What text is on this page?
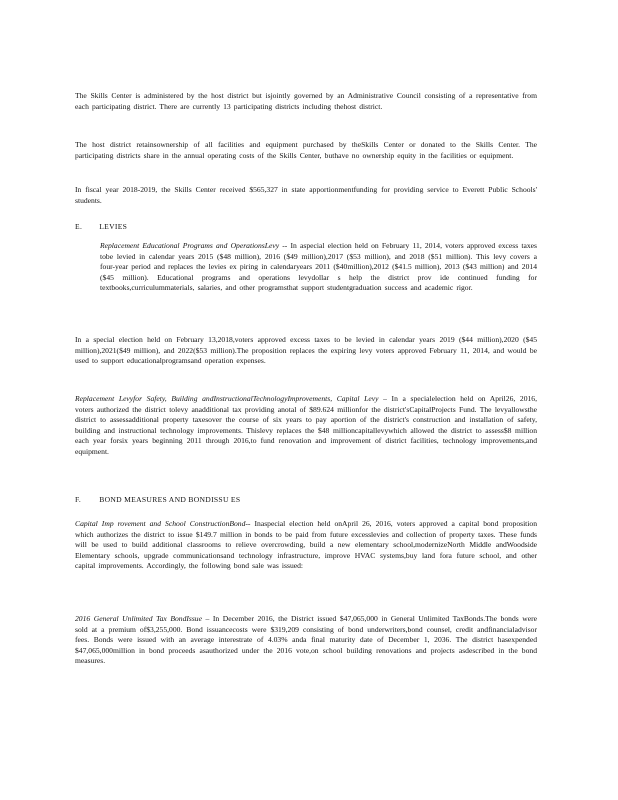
The Skills Center is administered by the host district but isjointly governed by an Administrative Council consisting of a representative from each participating district. There are currently 13 participating districts including thehost district.

The host district retainsownership of all facilities and equipment purchased by theSkills Center or donated to the Skills Center. The participating districts share in the annual operating costs of the Skills Center, buthave no ownership equity in the facilities or equipment.

In fiscal year 2018-2019, the Skills Center received $565,327 in state apportionmentfunding for providing service to Everett Public Schools' students.

E. LEVIES

Replacement Educational Programs and OperationsLevy -- In aspecial election held on February 11, 2014, voters approved excess taxes tobe levied in calendar years 2015 ($48 million), 2016 ($49 million),2017 ($53 million), and 2018 ($51 million). This levy covers a four-year period and replaces the levies ex piring in calendaryears 2011 ($40million),2012 ($41.5 million), 2013 ($43 million) and 2014 ($45 million). Educational programs and operations levydollar s help the district prov ide continued funding for textbooks,curriculummaterials, salaries, and other programsthat support studentgraduation success and academic rigor.

In a special election held on February 13,2018,voters approved excess taxes to be levied in calendar years 2019 ($44 million),2020 ($45 million),2021($49 million), and 2022($53 million).The proposition replaces the expiring levy voters approved February 11, 2014, and would be used to support educationalprogramsand operation expenses.

Replacement Levyfor Safety, Building andInstructionalTechnologyImprovements, Capital Levy – In a specialelection held on April26, 2016, voters authorized the district tolevy anadditional tax providing anotal of $89.624 millionfor the district'sCapitalProjects Fund. The levyallowsthe district to assessadditional property taxesover the course of six years to pay aportion of the district's construction and installation of safety, building and instructional technology improvements. Thislevy replaces the $48 millioncapitallevywhich allowed the district to assess$8 million each year forsix years beginning 2011 through 2016,to fund renovation and improvement of district facilities, technology improvements,and equipment.

F. BOND MEASURES AND BONDISSU ES

Capital Imp rovement and School ConstructionBond-- Inaspecial election held onApril 26, 2016, voters approved a capital bond proposition which authorizes the district to issue $149.7 million in bonds to be paid from future excesslevies and collection of property taxes. These funds will be used to build additional classrooms to relieve overcrowding, build a new elementary school,modernizeNorth Middle andWoodside Elementary schools, upgrade communicationsand technology infrastructure, improve HVAC systems,buy land fora future school, and other capital improvements. Accordingly, the following bond sale was issued:

2016 General Unlimited Tax BondIssue – In December 2016, the District issued $47,065,000 in General Unlimited TaxBonds.The bonds were sold at a premium of$3,255,000. Bond issuancecosts were $319,209 consisting of bond underwriters,bond counsel, credit andfinancialadvisor fees. Bonds were issued with an average interestrate of 4.03% anda final maturity date of December 1, 2036. The district hasexpended $47,065,000million in bond proceeds asauthorized under the 2016 vote,on school building renovations and projects asdescribed in the bond measures.
